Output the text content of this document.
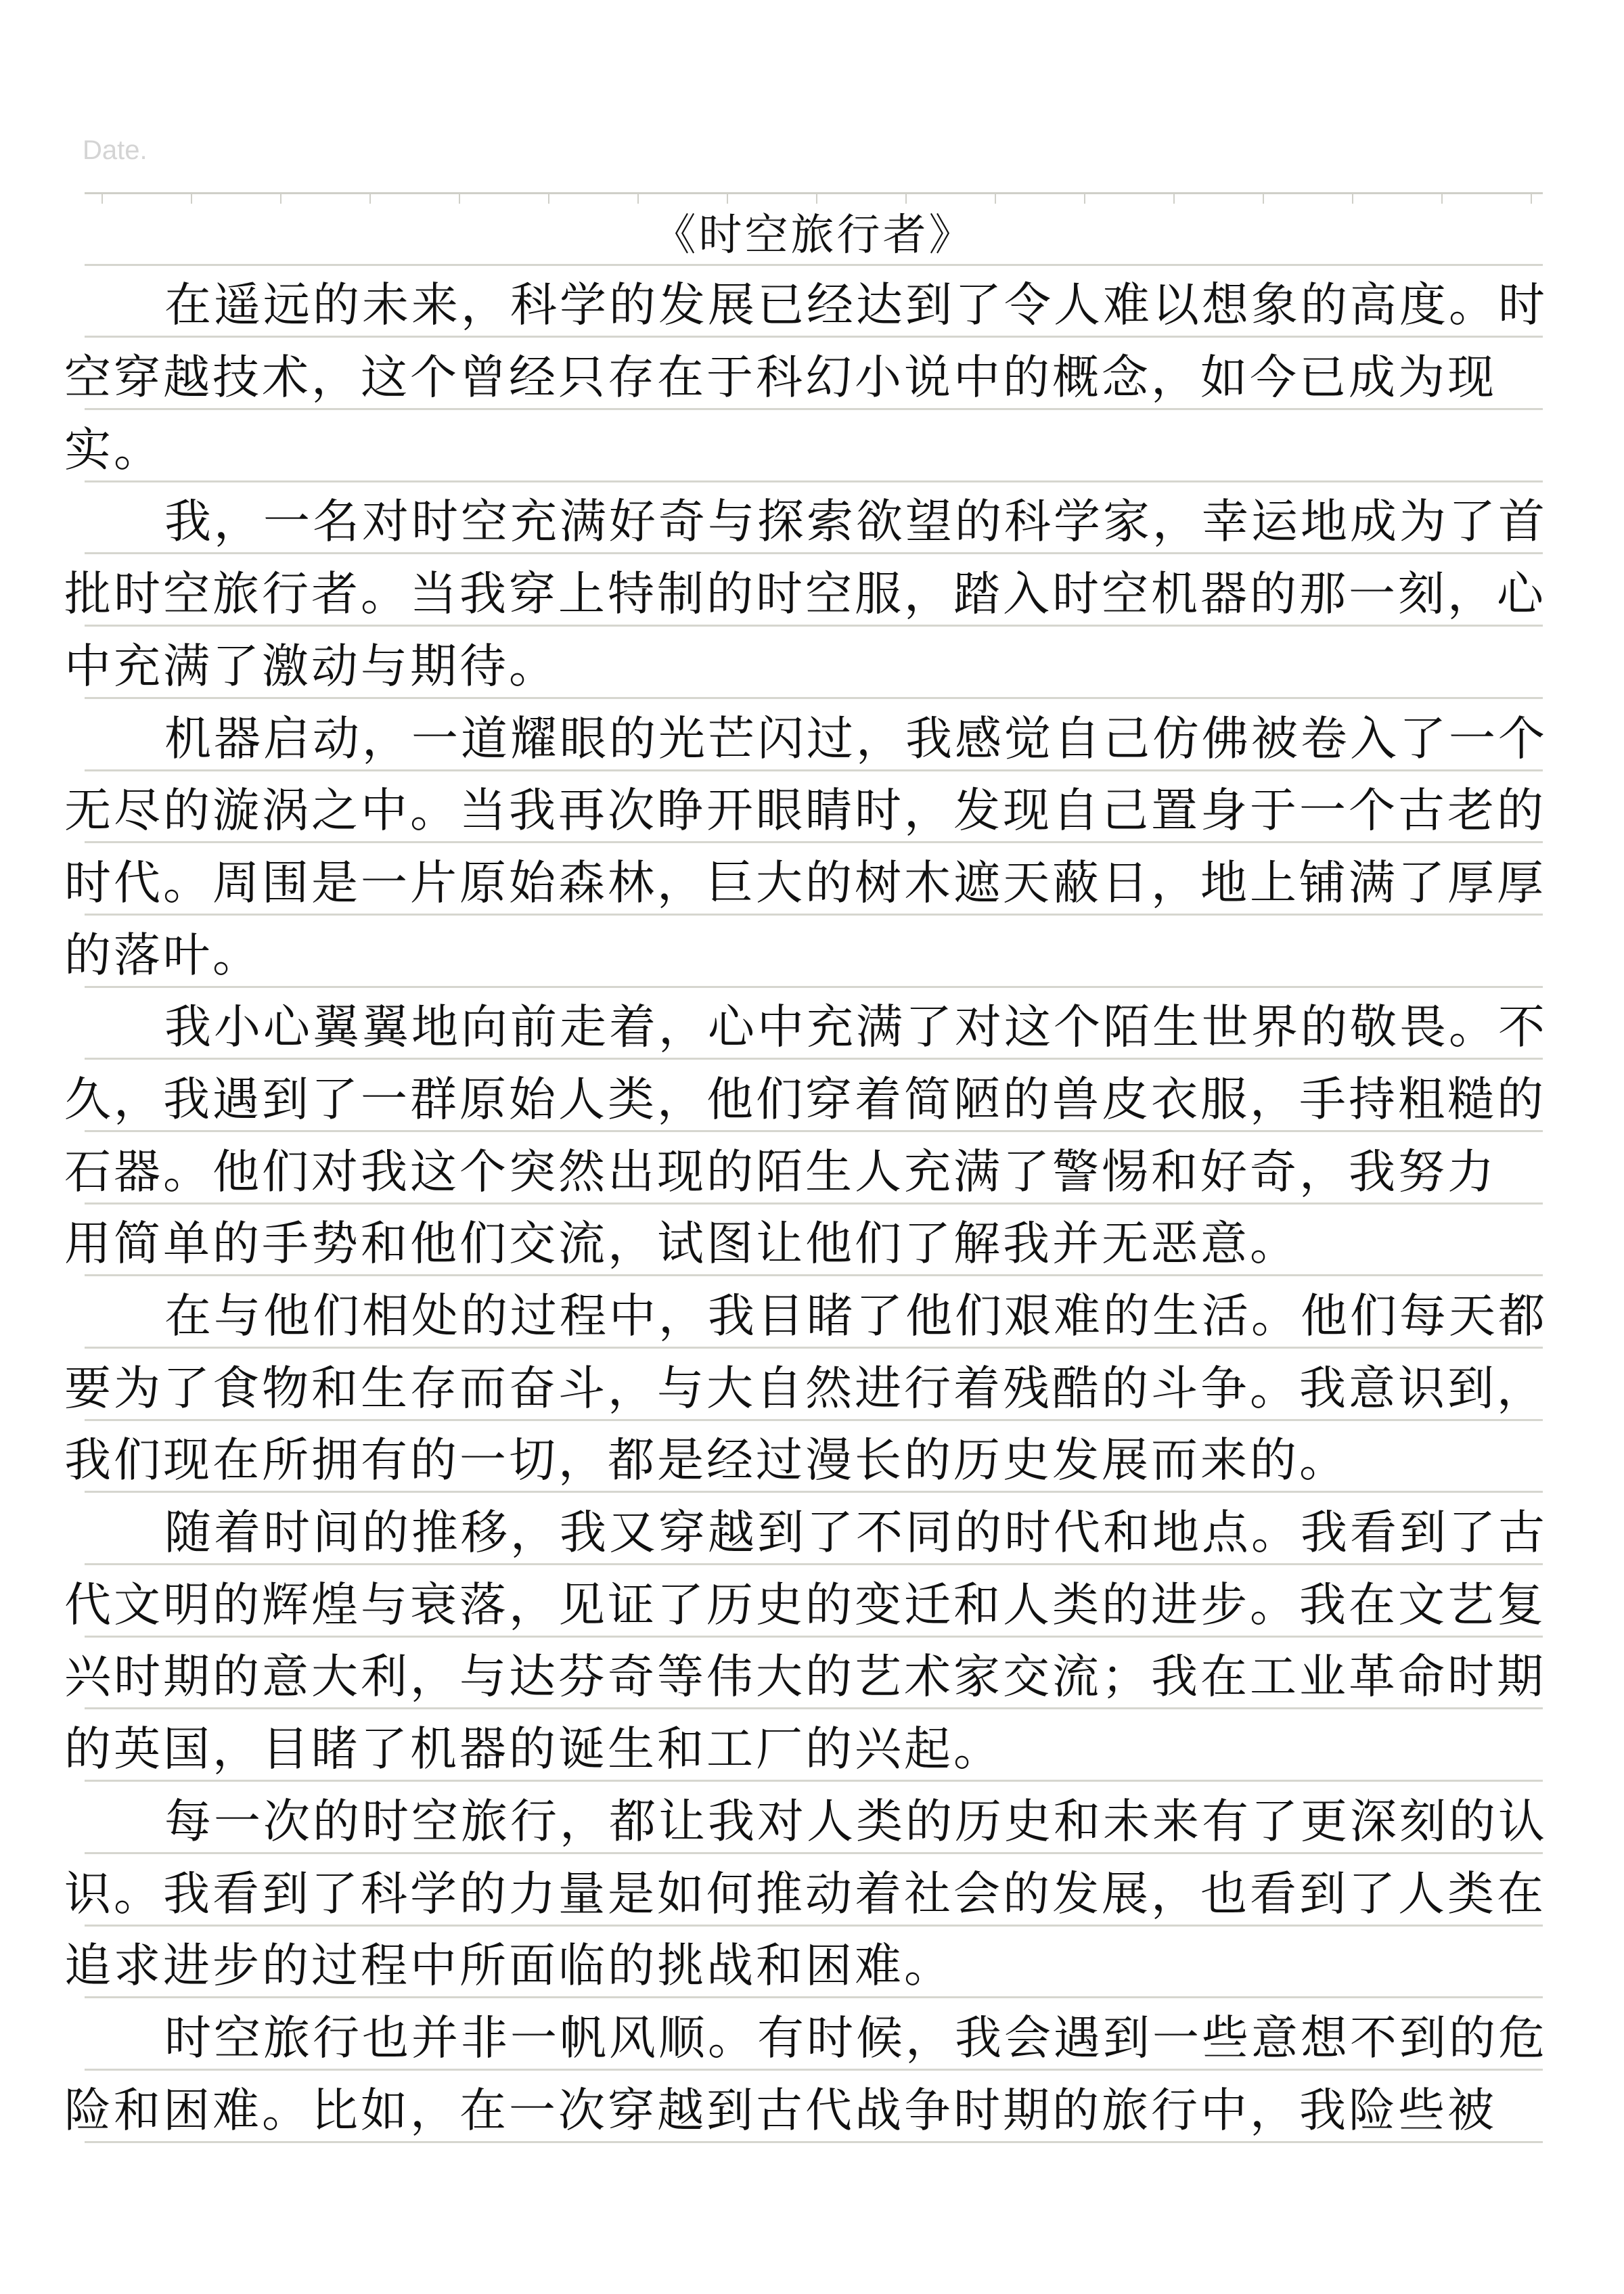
Date.
《时空旅行者》
在遥远的未来，科学的发展已经达到了令人难以想象的高度。时
空穿越技术，这个曾经只存在于科幻小说中的概念，如今已成为现
实。
我，一名对时空充满好奇与探索欲望的科学家，幸运地成为了首
批时空旅行者。当我穿上特制的时空服，踏入时空机器的那一刻，心
中充满了激动与期待。
机器启动，一道耀眼的光芒闪过，我感觉自己仿佛被卷入了一个
无尽的漩涡之中。当我再次睁开眼睛时，发现自己置身于一个古老的
时代。周围是一片原始森林，巨大的树木遮天蔽日，地上铺满了厚厚
的落叶。
我小心翼翼地向前走着，心中充满了对这个陌生世界的敬畏。不
久，我遇到了一群原始人类，他们穿着简陋的兽皮衣服，手持粗糙的
石器。他们对我这个突然出现的陌生人充满了警惕和好奇，我努力
用简单的手势和他们交流，试图让他们了解我并无恶意。
在与他们相处的过程中，我目睹了他们艰难的生活。他们每天都
要为了食物和生存而奋斗，与大自然进行着残酷的斗争。我意识到，
我们现在所拥有的一切，都是经过漫长的历史发展而来的。
随着时间的推移，我又穿越到了不同的时代和地点。我看到了古
代文明的辉煌与衰落，见证了历史的变迁和人类的进步。我在文艺复
兴时期的意大利，与达芬奇等伟大的艺术家交流；我在工业革命时期
的英国，目睹了机器的诞生和工厂的兴起。
每一次的时空旅行，都让我对人类的历史和未来有了更深刻的认
识。我看到了科学的力量是如何推动着社会的发展，也看到了人类在
追求进步的过程中所面临的挑战和困难。
时空旅行也并非一帆风顺。有时候，我会遇到一些意想不到的危
险和困难。比如，在一次穿越到古代战争时期的旅行中，我险些被
